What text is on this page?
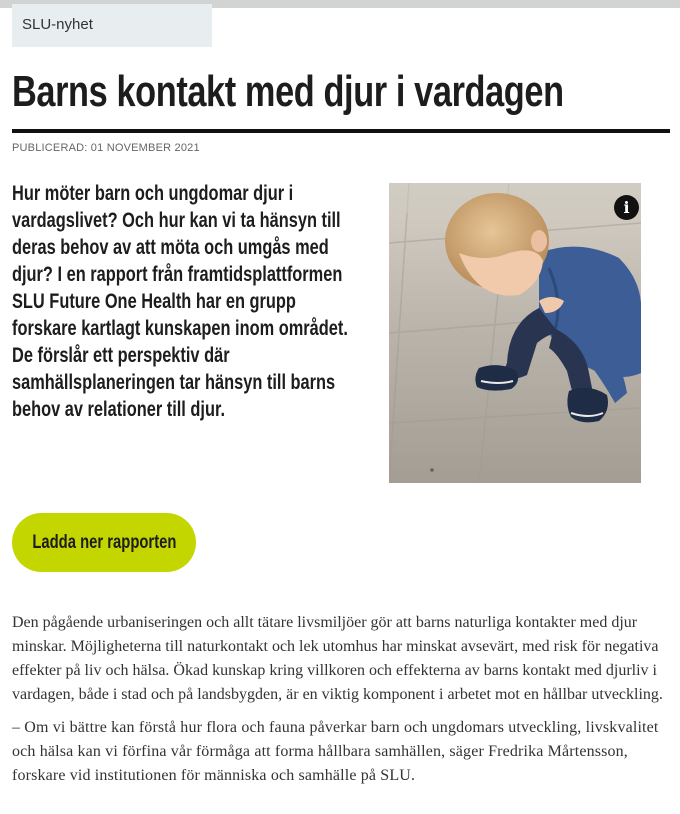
SLU-nyhet
Barns kontakt med djur i vardagen
PUBLICERAD: 01 NOVEMBER 2021

Hur möter barn och ungdomar djur i vardagslivet? Och hur kan vi ta hänsyn till deras behov av att möta och umgås med djur? I en rapport från framtidsplattformen SLU Future One Health har en grupp forskare kartlagt kunskapen inom området. De förslår ett perspektiv där samhällsplaneringen tar hänsyn till barns behov av relationer till djur.

i
Ladda ner rapporten

Den pågående urbaniseringen och allt tätare livsmiljöer gör att barns naturliga kontakter med djur minskar. Möjligheterna till naturkontakt och lek utomhus har minskat avsevärt, med risk för negativa effekter på liv och hälsa. Ökad kunskap kring villkoren och effekterna av barns kontakt med djurliv i vardagen, både i stad och på landsbygden, är en viktig komponent i arbetet mot en hållbar utveckling.

– Om vi bättre kan förstå hur flora och fauna påverkar barn och ungdomars utveckling, livskvalitet och hälsa kan vi förfina vår förmåga att forma hållbara samhällen, säger Fredrika Mårtensson, forskare vid institutionen för människa och samhälle på SLU.
